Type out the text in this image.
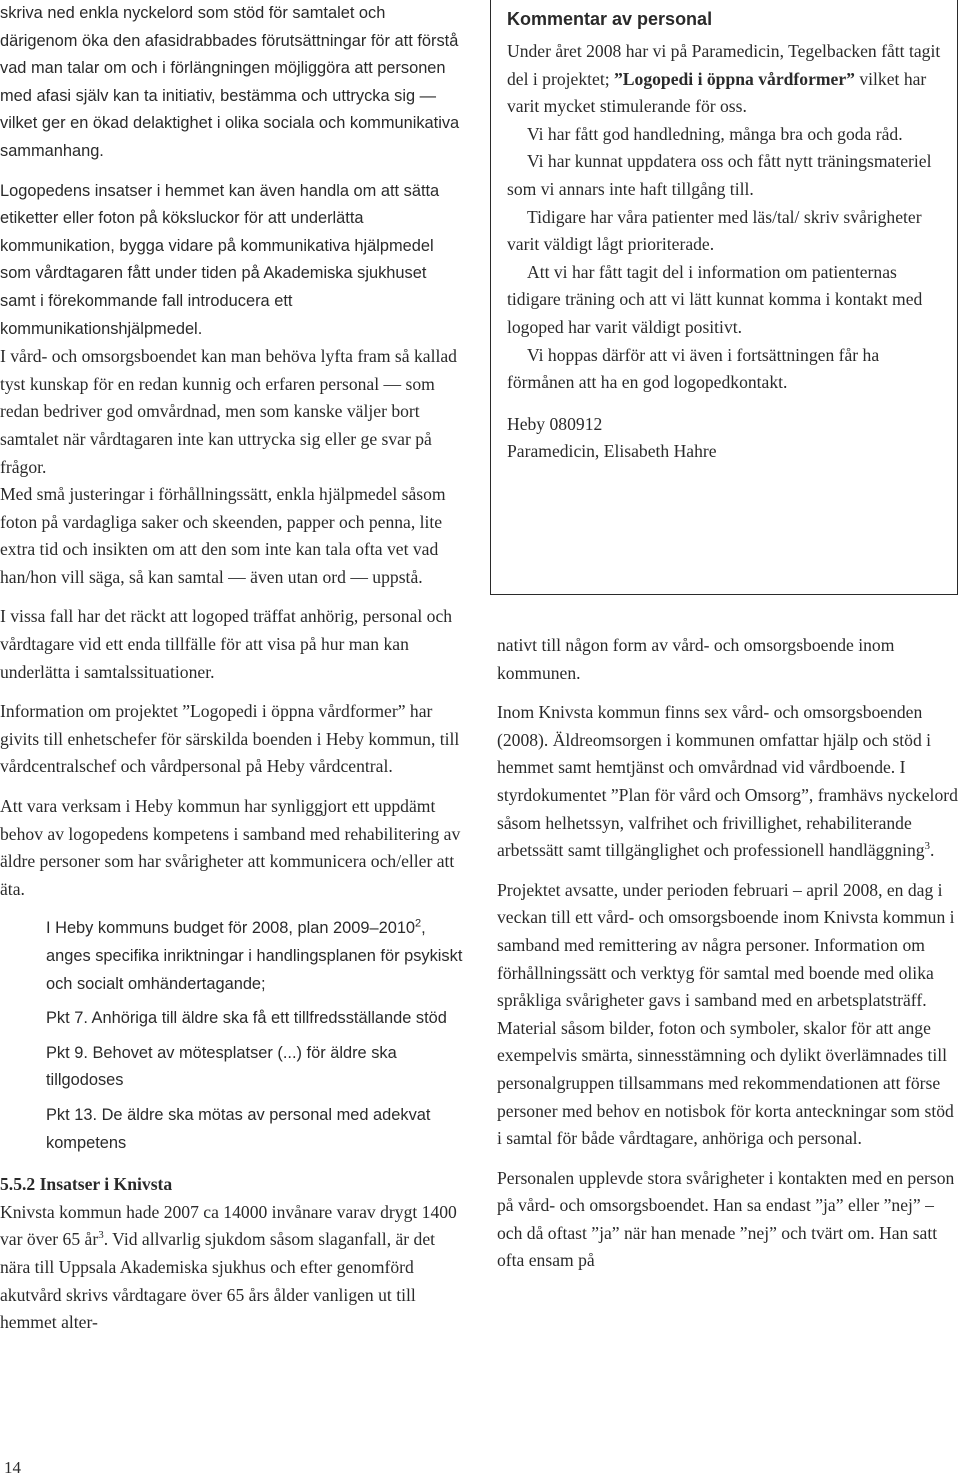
skriva ned enkla nyckelord som stöd för samtalet och därigenom öka den afasidrabbades förutsättningar för att förstå vad man talar om och i förlängningen möjliggöra att personen med afasi själv kan ta initiativ, bestämma och uttrycka sig — vilket ger en ökad delaktighet i olika sociala och kommunikativa sammanhang.

Logopedens insatser i hemmet kan även handla om att sätta etiketter eller foton på köksluckor för att underlätta kommunikation, bygga vidare på kommunikativa hjälpmedel som vårdtagaren fått under tiden på Akademiska sjukhuset samt i förekommande fall introducera ett kommunikationshjälpmedel.

I vård- och omsorgsboendet kan man behöva lyfta fram så kallad tyst kunskap för en redan kunnig och erfaren personal — som redan bedriver god omvårdnad, men som kanske väljer bort samtalet när vårdtagaren inte kan uttrycka sig eller ge svar på frågor.

Med små justeringar i förhållningssätt, enkla hjälpmedel såsom foton på vardagliga saker och skeenden, papper och penna, lite extra tid och insikten om att den som inte kan tala ofta vet vad han/hon vill säga, så kan samtal — även utan ord — uppstå.

I vissa fall har det räckt att logoped träffat anhörig, personal och vårdtagare vid ett enda tillfälle för att visa på hur man kan underlätta i samtalssituationer.

Information om projektet ”Logopedi i öppna vårdformer” har givits till enhetschefer för särskilda boenden i Heby kommun, till vårdcentralschef och vårdpersonal på Heby vårdcentral.

Att vara verksam i Heby kommun har synliggjort ett uppdämt behov av logopedens kompetens i samband med rehabilitering av äldre personer som har svårigheter att kommunicera och/eller att äta.

I Heby kommuns budget för 2008, plan 2009–2010$^2$, anges specifika inriktningar i handlingsplanen för psykiskt och socialt omhändertagande;

Pkt 7. Anhöriga till äldre ska få ett tillfredsställande stöd

Pkt 9. Behovet av mötesplatser (...) för äldre ska tillgodoses

Pkt 13. De äldre ska mötas av personal med adekvat kompetens

5.5.2 Insatser i Knivsta

Knivsta kommun hade 2007 ca 14000 invånare varav drygt 1400 var över 65 $år^3$. Vid allvarlig sjukdom såsom slaganfall, är det nära till Uppsala Akademiska sjukhus och efter genomförd akutvård skrivs vårdtagare över 65 års ålder vanligen ut till hemmet alter-

Kommentar av personal

Under året 2008 har vi på Paramedicin, Tegelbacken fått tagit del i projektet; ”Logopedi i öppna vårdformer” vilket har varit mycket stimulerande för oss.

Vi har fått god handledning, många bra och goda råd.

Vi har kunnat uppdatera oss och fått nytt träningsmateriel som vi annars inte haft tillgång till.

Tidigare har våra patienter med läs/tal/ skriv svårigheter varit väldigt lågt prioriterade.

Att vi har fått tagit del i information om patienternas tidigare träning och att vi lätt kunnat komma i kontakt med logoped har varit väldigt positivt.

Vi hoppas därför att vi även i fortsättningen får ha förmånen att ha en god logopedkontakt.

Heby 080912

Paramedicin, Elisabeth Hahre

nativt till någon form av vård- och omsorgsboende inom kommunen.

Inom Knivsta kommun finns sex vård- och omsorgsboenden (2008). Äldreomsorgen i kommunen omfattar hjälp och stöd i hemmet samt hemtjänst och omvårdnad vid vårdboende. I styrdokumentet ”Plan för vård och Omsorg”, framhävs nyckelord såsom helhetssyn, valfrihet och frivillighet, rehabiliterande arbetssätt samt tillgänglighet och professionell handläggning$^3$.

Projektet avsatte, under perioden februari – april 2008, en dag i veckan till ett vård- och omsorgsboende inom Knivsta kommun i samband med remittering av några personer. Information om förhållningssätt och verktyg för samtal med boende med olika språkliga svårigheter gavs i samband med en arbetsplatsträff. Material såsom bilder, foton och symboler, skalor för att ange exempelvis smärta, sinnesstämning och dylikt överlämnades till personalgruppen tillsammans med rekommendationen att förse personer med behov en notisbok för korta anteckningar som stöd i samtal för både vårdtagare, anhöriga och personal.

Personalen upplevde stora svårigheter i kontakten med en person på vård- och omsorgsboendet. Han sa endast ”ja” eller ”nej” – och då oftast ”ja” när han menade ”nej” och tvärt om. Han satt ofta ensam på

14
